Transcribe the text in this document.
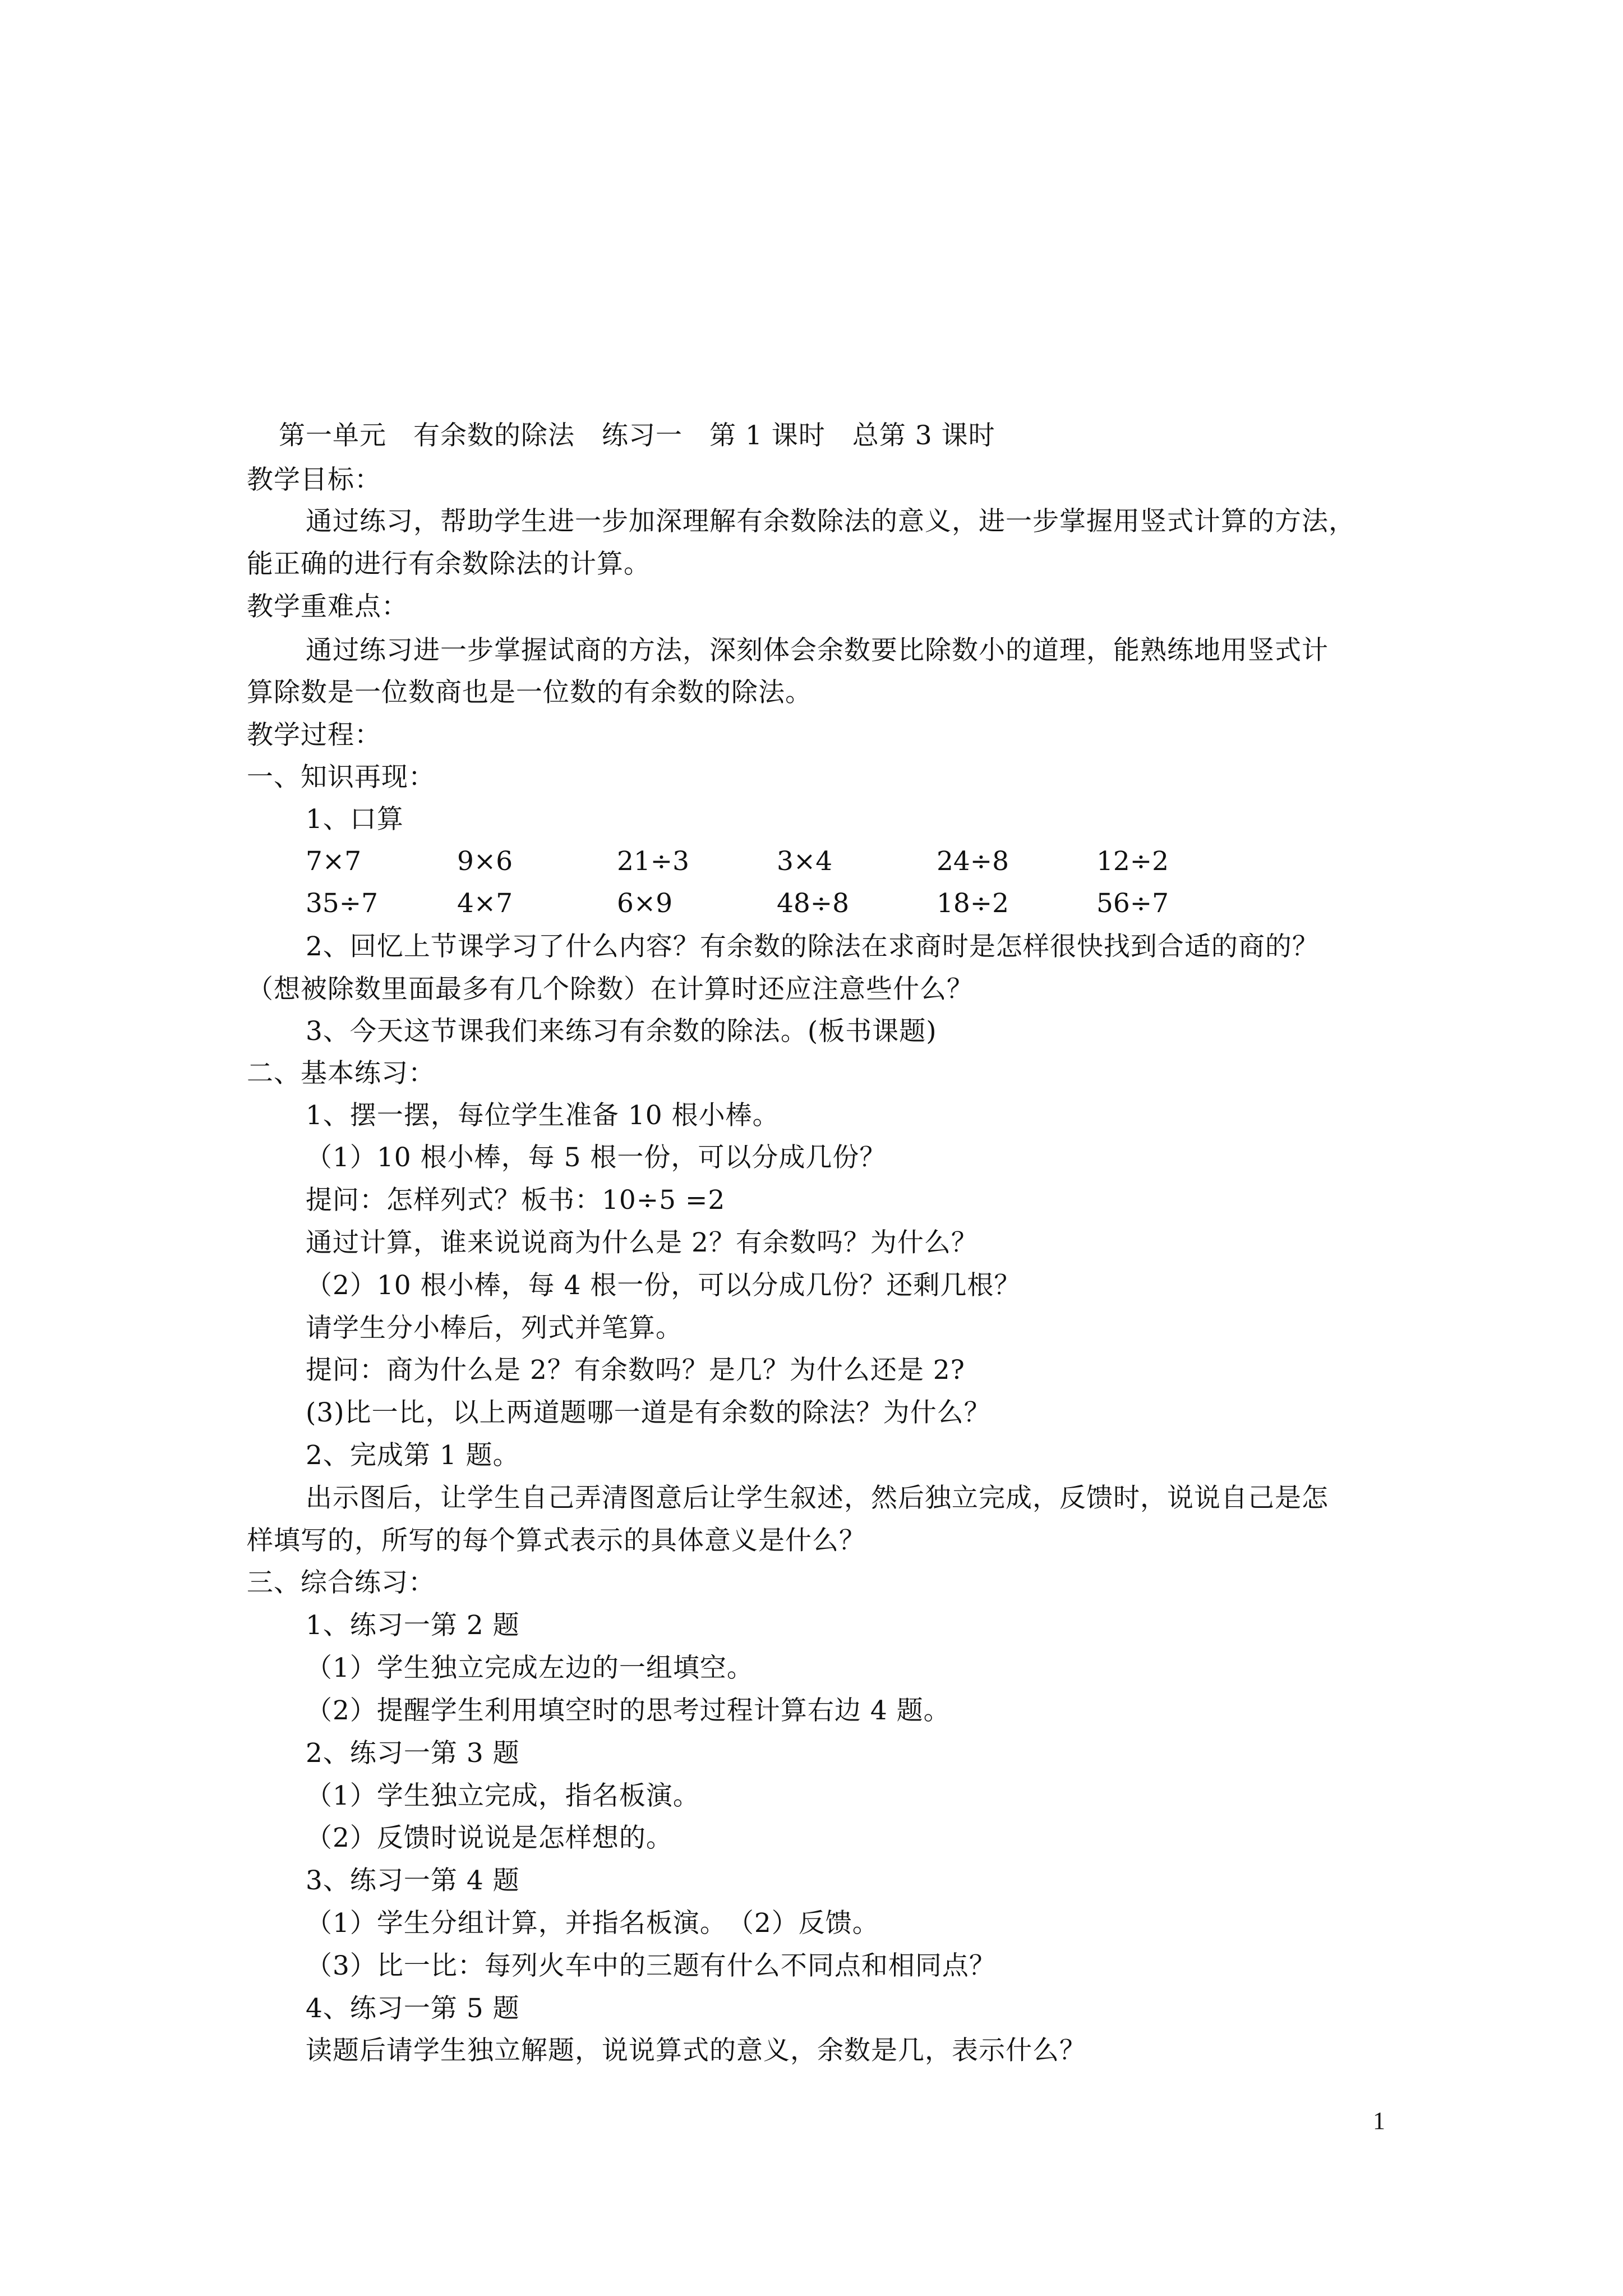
第一单元　有余数的除法　练习一　第 1 课时　总第 3 课时
教学目标：
通过练习，帮助学生进一步加深理解有余数除法的意义，进一步掌握用竖式计算的方法，
能正确的进行有余数除法的计算。
教学重难点：
通过练习进一步掌握试商的方法，深刻体会余数要比除数小的道理，能熟练地用竖式计
算除数是一位数商也是一位数的有余数的除法。
教学过程：
一、知识再现：
1、口算
7×7	9×6	21÷3	3×4	24÷8	12÷2
35÷7	4×7	6×9	48÷8	18÷2	56÷7
2、回忆上节课学习了什么内容？有余数的除法在求商时是怎样很快找到合适的商的？
（想被除数里面最多有几个除数）在计算时还应注意些什么？
3、今天这节课我们来练习有余数的除法。(板书课题)
二、基本练习：
1、摆一摆，每位学生准备 10 根小棒。
（1）10 根小棒，每 5 根一份，可以分成几份？
提问：怎样列式？板书：10÷5 =2
通过计算，谁来说说商为什么是 2？有余数吗？为什么？
（2）10 根小棒，每 4 根一份，可以分成几份？还剩几根？
请学生分小棒后，列式并笔算。
提问：商为什么是 2？有余数吗？是几？为什么还是 2?
(3)比一比，以上两道题哪一道是有余数的除法？为什么？
2、完成第 1 题。
出示图后，让学生自己弄清图意后让学生叙述，然后独立完成，反馈时，说说自己是怎
样填写的，所写的每个算式表示的具体意义是什么？
三、综合练习：
1、练习一第 2 题
（1）学生独立完成左边的一组填空。
（2）提醒学生利用填空时的思考过程计算右边 4 题。
2、练习一第 3 题
（1）学生独立完成，指名板演。
（2）反馈时说说是怎样想的。
3、练习一第 4 题
（1）学生分组计算，并指名板演。　（2）反馈。
（3）比一比：每列火车中的三题有什么不同点和相同点？
4、练习一第 5 题
读题后请学生独立解题，说说算式的意义，余数是几，表示什么？
1
